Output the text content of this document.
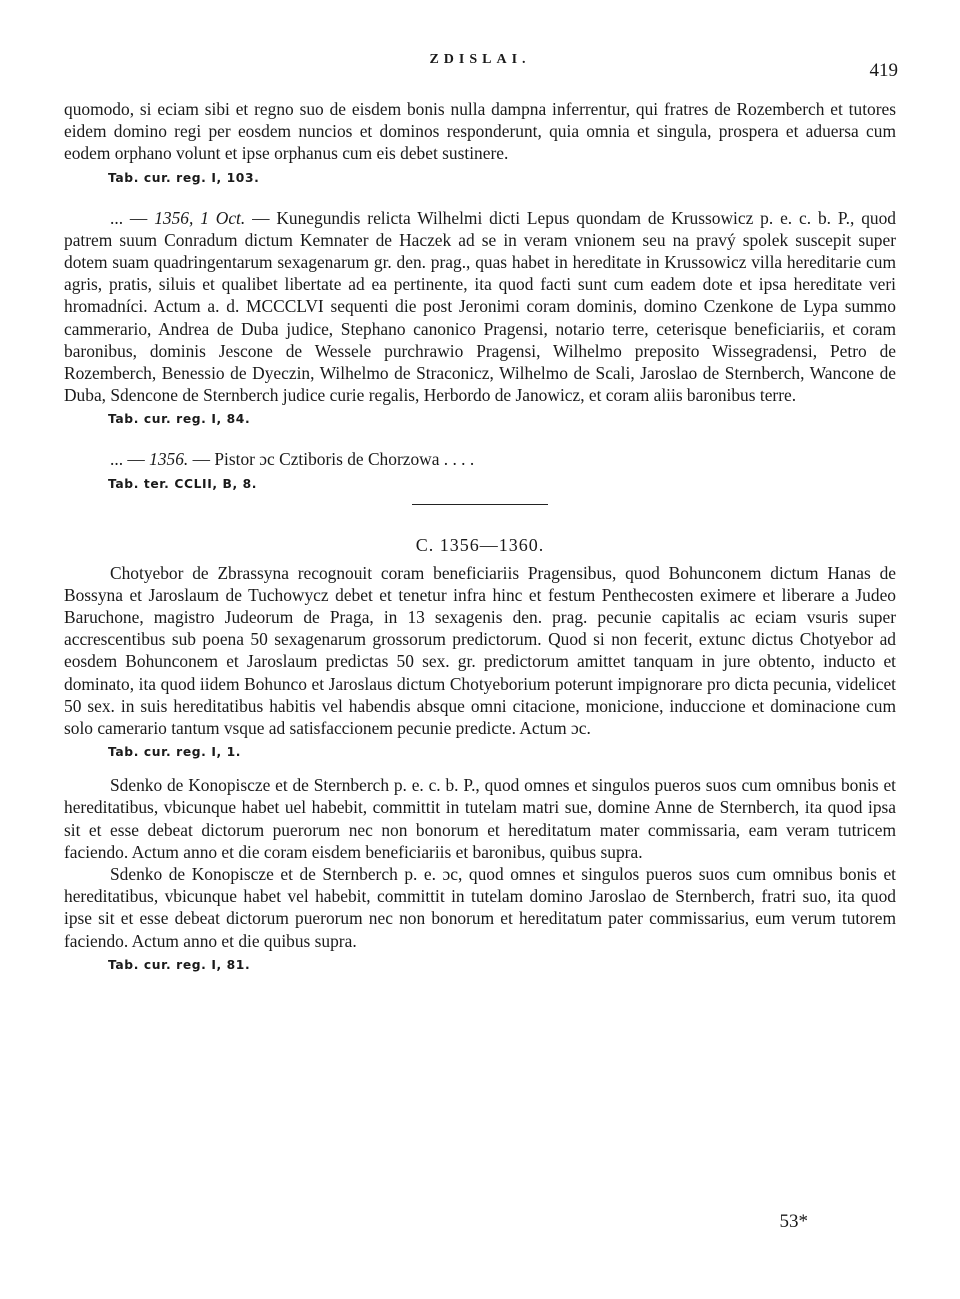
ZDISLAI.
419

quomodo, si eciam sibi et regno suo de eisdem bonis nulla dampna inferrentur, qui fratres de Rozemberch et tutores eidem domino regi per eosdem nuncios et dominos responderunt, quia omnia et singula, prospera et aduersa cum eodem orphano volunt et ipse orphanus cum eis debet sustinere.

Tab. cur. reg. I, 103.

... — 1356, 1 Oct. — Kunegundis relicta Wilhelmi dicti Lepus quondam de Krussowicz p. e. c. b. P., quod patrem suum Conradum dictum Kemnater de Haczek ad se in veram vnionem seu na pravý spolek suscepit super dotem suam quadringentarum sexagenarum gr. den. prag., quas habet in hereditate in Krussowicz villa hereditarie cum agris, pratis, siluis et qualibet libertate ad ea pertinente, ita quod facti sunt cum eadem dote et ipsa hereditate veri hromadníci. Actum a. d. MCCCLVI sequenti die post Jeronimi coram dominis, domino Czenkone de Lypa summo cammerario, Andrea de Duba judice, Stephano canonico Pragensi, notario terre, ceterisque beneficiariis, et coram baronibus, dominis Jescone de Wessele purchrawio Pragensi, Wilhelmo preposito Wissegradensi, Petro de Rozemberch, Benessio de Dyeczin, Wilhelmo de Straconicz, Wilhelmo de Scali, Jaroslao de Sternberch, Wancone de Duba, Sdencone de Sternberch judice curie regalis, Herbordo de Janowicz, et coram aliis baronibus terre.

Tab. cur. reg. I, 84.

... — 1356. — Pistor ɔc Cztiboris de Chorzowa . . . .

Tab. ter. CCLII, B, 8.
C. 1356—1360.

Chotyebor de Zbrassyna recognouit coram beneficiariis Pragensibus, quod Bohunconem dictum Hanas de Bossyna et Jaroslaum de Tuchowycz debet et tenetur infra hinc et festum Penthecosten eximere et liberare a Judeo Baruchone, magistro Judeorum de Praga, in 13 sexagenis den. prag. pecunie capitalis ac eciam vsuris super accrescentibus sub poena 50 sexagenarum grossorum predictorum. Quod si non fecerit, extunc dictus Chotyebor ad eosdem Bohunconem et Jaroslaum predictas 50 sex. gr. predictorum amittet tanquam in jure obtento, inducto et dominato, ita quod iidem Bohunco et Jaroslaus dictum Chotyeborium poterunt impignorare pro dicta pecunia, videlicet 50 sex. in suis hereditatibus habitis vel habendis absque omni citacione, monicione, induccione et dominacione cum solo camerario tantum vsque ad satisfaccionem pecunie predicte. Actum ɔc.

Tab. cur. reg. I, 1.

Sdenko de Konopiscze et de Sternberch p. e. c. b. P., quod omnes et singulos pueros suos cum omnibus bonis et hereditatibus, vbicunque habet uel habebit, committit in tutelam matri sue, domine Anne de Sternberch, ita quod ipsa sit et esse debeat dictorum puerorum nec non bonorum et hereditatum mater commissaria, eam veram tutricem faciendo. Actum anno et die coram eisdem beneficiariis et baronibus, quibus supra.

Sdenko de Konopiscze et de Sternberch p. e. ɔc, quod omnes et singulos pueros suos cum omnibus bonis et hereditatibus, vbicunque habet vel habebit, committit in tutelam domino Jaroslao de Sternberch, fratri suo, ita quod ipse sit et esse debeat dictorum puerorum nec non bonorum et hereditatum pater commissarius, eum verum tutorem faciendo. Actum anno et die quibus supra.

Tab. cur. reg. I, 81.
53*
